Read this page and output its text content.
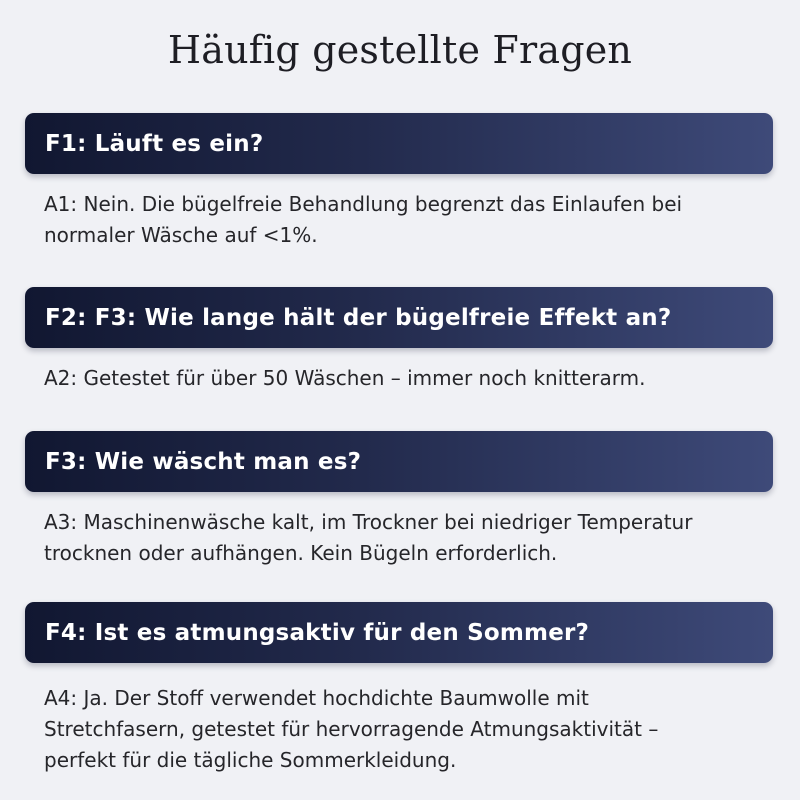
Häufig gestellte Fragen
F1: Läuft es ein?
A1: Nein. Die bügelfreie Behandlung begrenzt das Einlaufen bei
normaler Wäsche auf <1%.
F2: F3: Wie lange hält der bügelfreie Effekt an?
A2: Getestet für über 50 Wäschen – immer noch knitterarm.
F3: Wie wäscht man es?
A3: Maschinenwäsche kalt, im Trockner bei niedriger Temperatur
trocknen oder aufhängen. Kein Bügeln erforderlich.
F4: Ist es atmungsaktiv für den Sommer?
A4: Ja. Der Stoff verwendet hochdichte Baumwolle mit
Stretchfasern, getestet für hervorragende Atmungsaktivität –
perfekt für die tägliche Sommerkleidung.
